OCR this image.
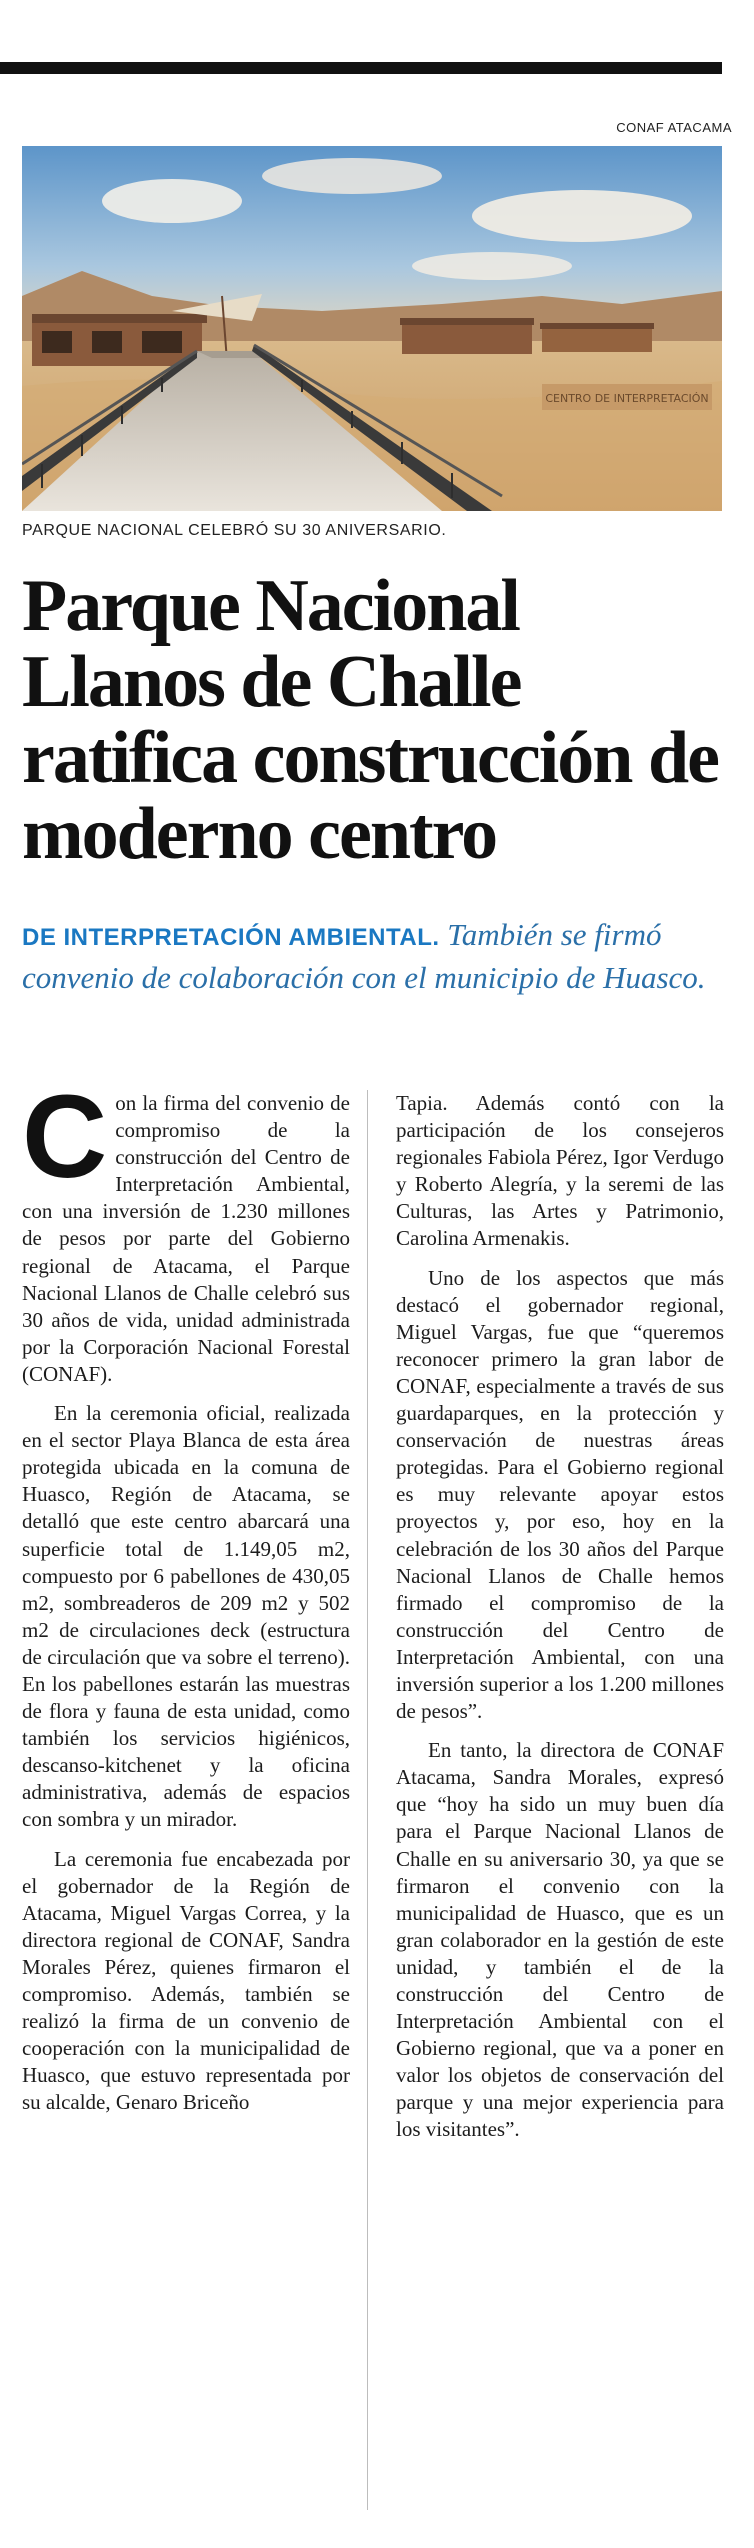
CONAF ATACAMA
CENTRO DE INTERPRETACIÓN
PARQUE NACIONAL CELEBRÓ SU 30 ANIVERSARIO.
Parque Nacional Llanos de Challe ratifica construcción de moderno centro
DE INTERPRETACIÓN AMBIENTAL. También se firmó convenio de colaboración con el municipio de Huasco.

Con la firma del convenio de compromiso de la construcción del Centro de Interpretación Ambiental, con una inversión de 1.230 millones de pesos por parte del Gobierno regional de Atacama, el Parque Nacional Llanos de Challe celebró sus 30 años de vida, unidad administrada por la Corporación Nacional Forestal (CONAF).

En la ceremonia oficial, realizada en el sector Playa Blanca de esta área protegida ubicada en la comuna de Huasco, Región de Atacama, se detalló que este centro abarcará una superficie total de 1.149,05 m2, compuesto por 6 pabellones de 430,05 m2, sombreaderos de 209 m2 y 502 m2 de circulaciones deck (estructura de circulación que va sobre el terreno). En los pabellones estarán las muestras de flora y fauna de esta unidad, como también los servicios higiénicos, descanso-kitchenet y la oficina administrativa, además de espacios con sombra y un mirador.

La ceremonia fue encabezada por el gobernador de la Región de Atacama, Miguel Vargas Correa, y la directora regional de CONAF, Sandra Morales Pérez, quienes firmaron el compromiso. Además, también se realizó la firma de un convenio de cooperación con la municipalidad de Huasco, que estuvo representada por su alcalde, Genaro Briceño

Tapia. Además contó con la participación de los consejeros regionales Fabiola Pérez, Igor Verdugo y Roberto Alegría, y la seremi de las Culturas, las Artes y Patrimonio, Carolina Armenakis.

Uno de los aspectos que más destacó el gobernador regional, Miguel Vargas, fue que “queremos reconocer primero la gran labor de CONAF, especialmente a través de sus guardaparques, en la protección y conservación de nuestras áreas protegidas. Para el Gobierno regional es muy relevante apoyar estos proyectos y, por eso, hoy en la celebración de los 30 años del Parque Nacional Llanos de Challe hemos firmado el compromiso de la construcción del Centro de Interpretación Ambiental, con una inversión superior a los 1.200 millones de pesos”.

En tanto, la directora de CONAF Atacama, Sandra Morales, expresó que “hoy ha sido un muy buen día para el Parque Nacional Llanos de Challe en su aniversario 30, ya que se firmaron el convenio con la municipalidad de Huasco, que es un gran colaborador en la gestión de este unidad, y también el de la construcción del Centro de Interpretación Ambiental con el Gobierno regional, que va a poner en valor los objetos de conservación del parque y una mejor experiencia para los visitantes”.
